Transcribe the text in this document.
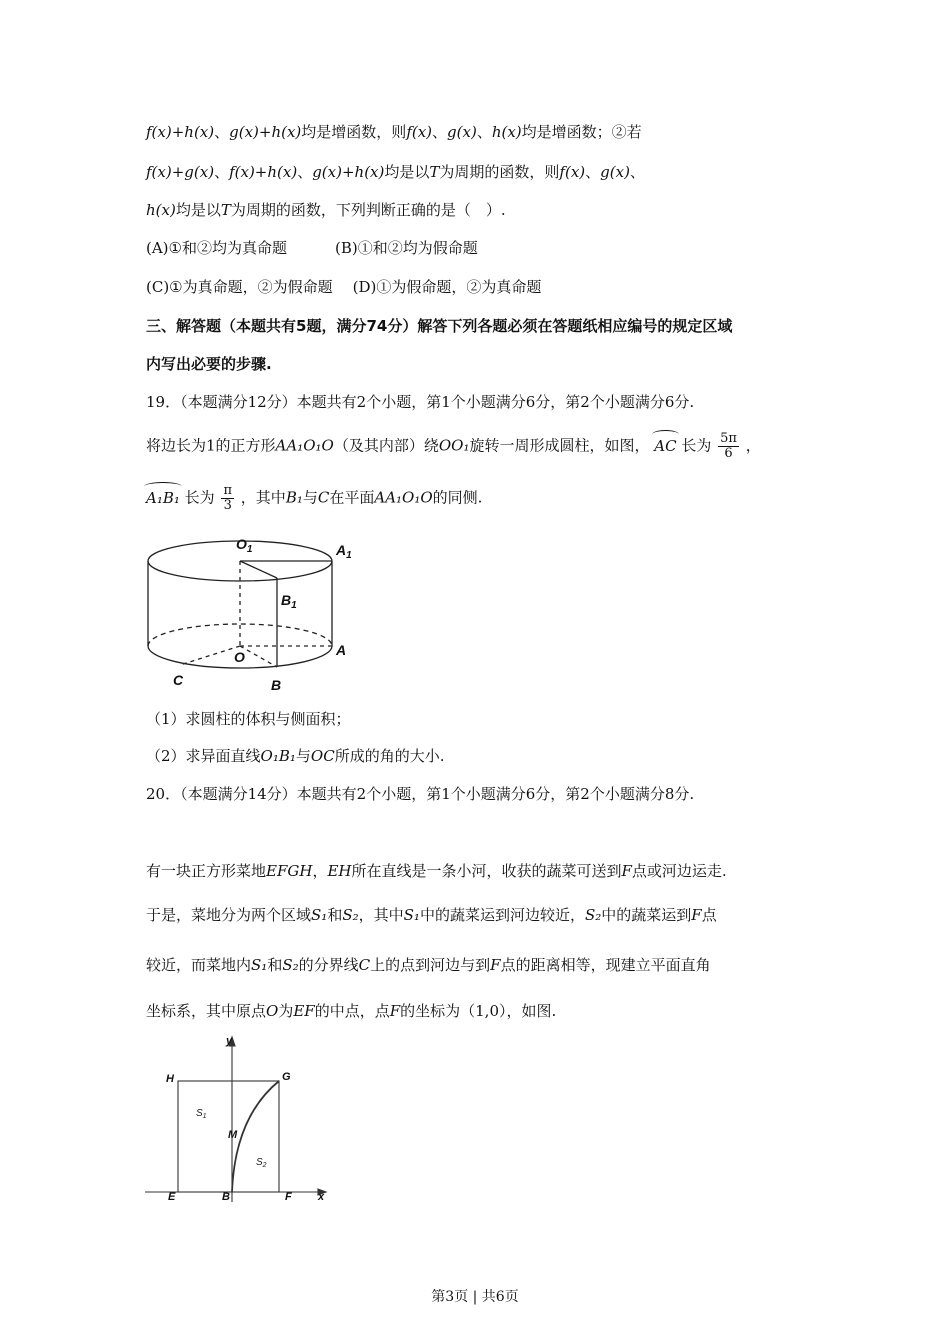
f(x)+h(x)、g(x)+h(x)均是增函数，则f(x)、g(x)、h(x)均是增函数；②若
f(x)+g(x)、f(x)+h(x)、g(x)+h(x)均是以T为周期的函数，则f(x)、g(x)、
h(x)均是以T为周期的函数，下列判断正确的是（　）.
(A)①和②均为真命题	(B)①和②均为假命题
(C)①为真命题，②为假命题 (D)①为假命题，②为真命题
三、解答题（本题共有5题，满分74分）解答下列各题必须在答题纸相应编号的规定区域
内写出必要的步骤.
19．（本题满分12分）本题共有2个小题，第1个小题满分6分，第2个小题满分6分.
将边长为1的正方形AA₁O₁O（及其内部）绕OO₁旋转一周形成圆柱，如图， AC 长为 $\frac{5\pi}{6}$ ，
A₁B₁ 长为 $\frac{\pi}{3}$ ，其中B₁与C在平面AA₁O₁O的同侧.
$O_1$	$A_1$
$B_1$
O	A
B
C
（1）求圆柱的体积与侧面积；
（2）求异面直线O₁B₁与OC所成的角的大小.
20．（本题满分14分）本题共有2个小题，第1个小题满分6分，第2个小题满分8分.
有一块正方形菜地EFGH，EH所在直线是一条小河，收获的蔬菜可送到F点或河边运走.
于是，菜地分为两个区域S₁和S₂，其中S₁中的蔬菜运到河边较近，S₂中的蔬菜运到F点
较近，而菜地内S₁和S₂的分界线C上的点到河边与到F点的距离相等，现建立平面直角
坐标系，其中原点O为EF的中点，点F的坐标为（1,0），如图.
y
H	G
M
E	B	F x
$S_1$
$S_2$
第3页 | 共6页
